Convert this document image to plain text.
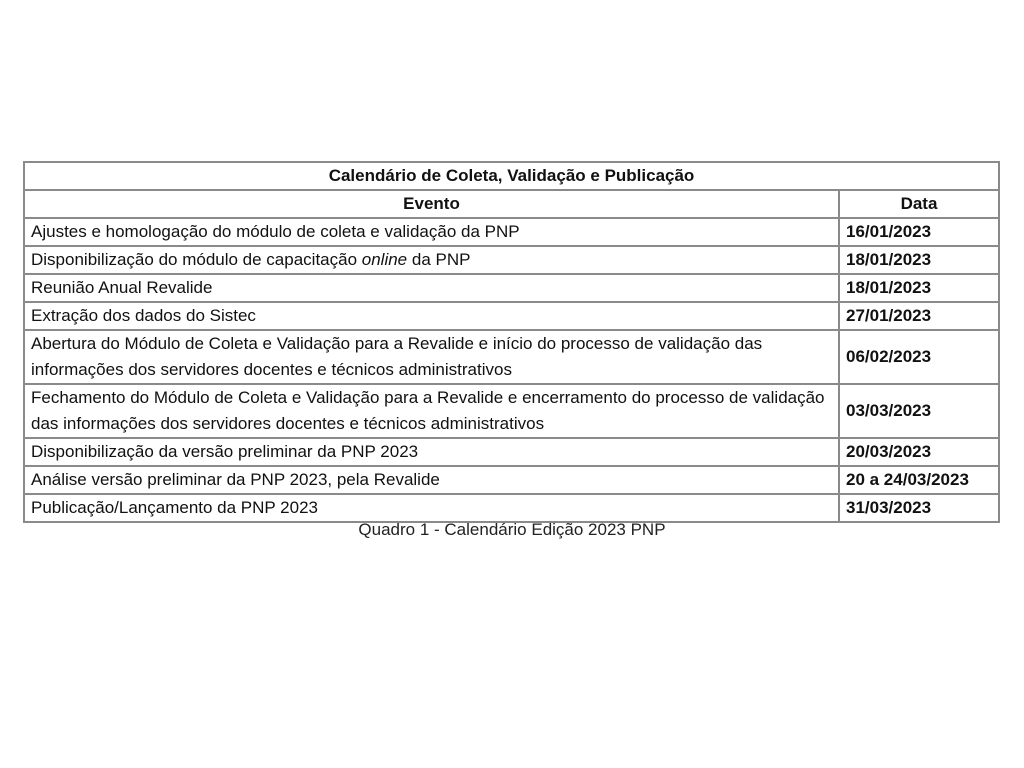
Calendário de Coleta, Validação e Publicação	
Evento	Data
Ajustes e homologação do módulo de coleta e validação da PNP	16/01/2023
Disponibilização do módulo de capacitação online da PNP	18/01/2023
Reunião Anual Revalide	18/01/2023
Extração dos dados do Sistec	27/01/2023
Abertura do Módulo de Coleta e Validação para a Revalide e início do processo de validação das informações dos servidores docentes e técnicos administrativos	06/02/2023
Fechamento do Módulo de Coleta e Validação para a Revalide e encerramento do processo de validação das informações dos servidores docentes e técnicos administrativos	03/03/2023
Disponibilização da versão preliminar da PNP 2023	20/03/2023
Análise versão preliminar da PNP 2023, pela Revalide	20 a 24/03/2023
Publicação/Lançamento da PNP 2023	31/03/2023
Quadro 1 - Calendário Edição 2023 PNP
